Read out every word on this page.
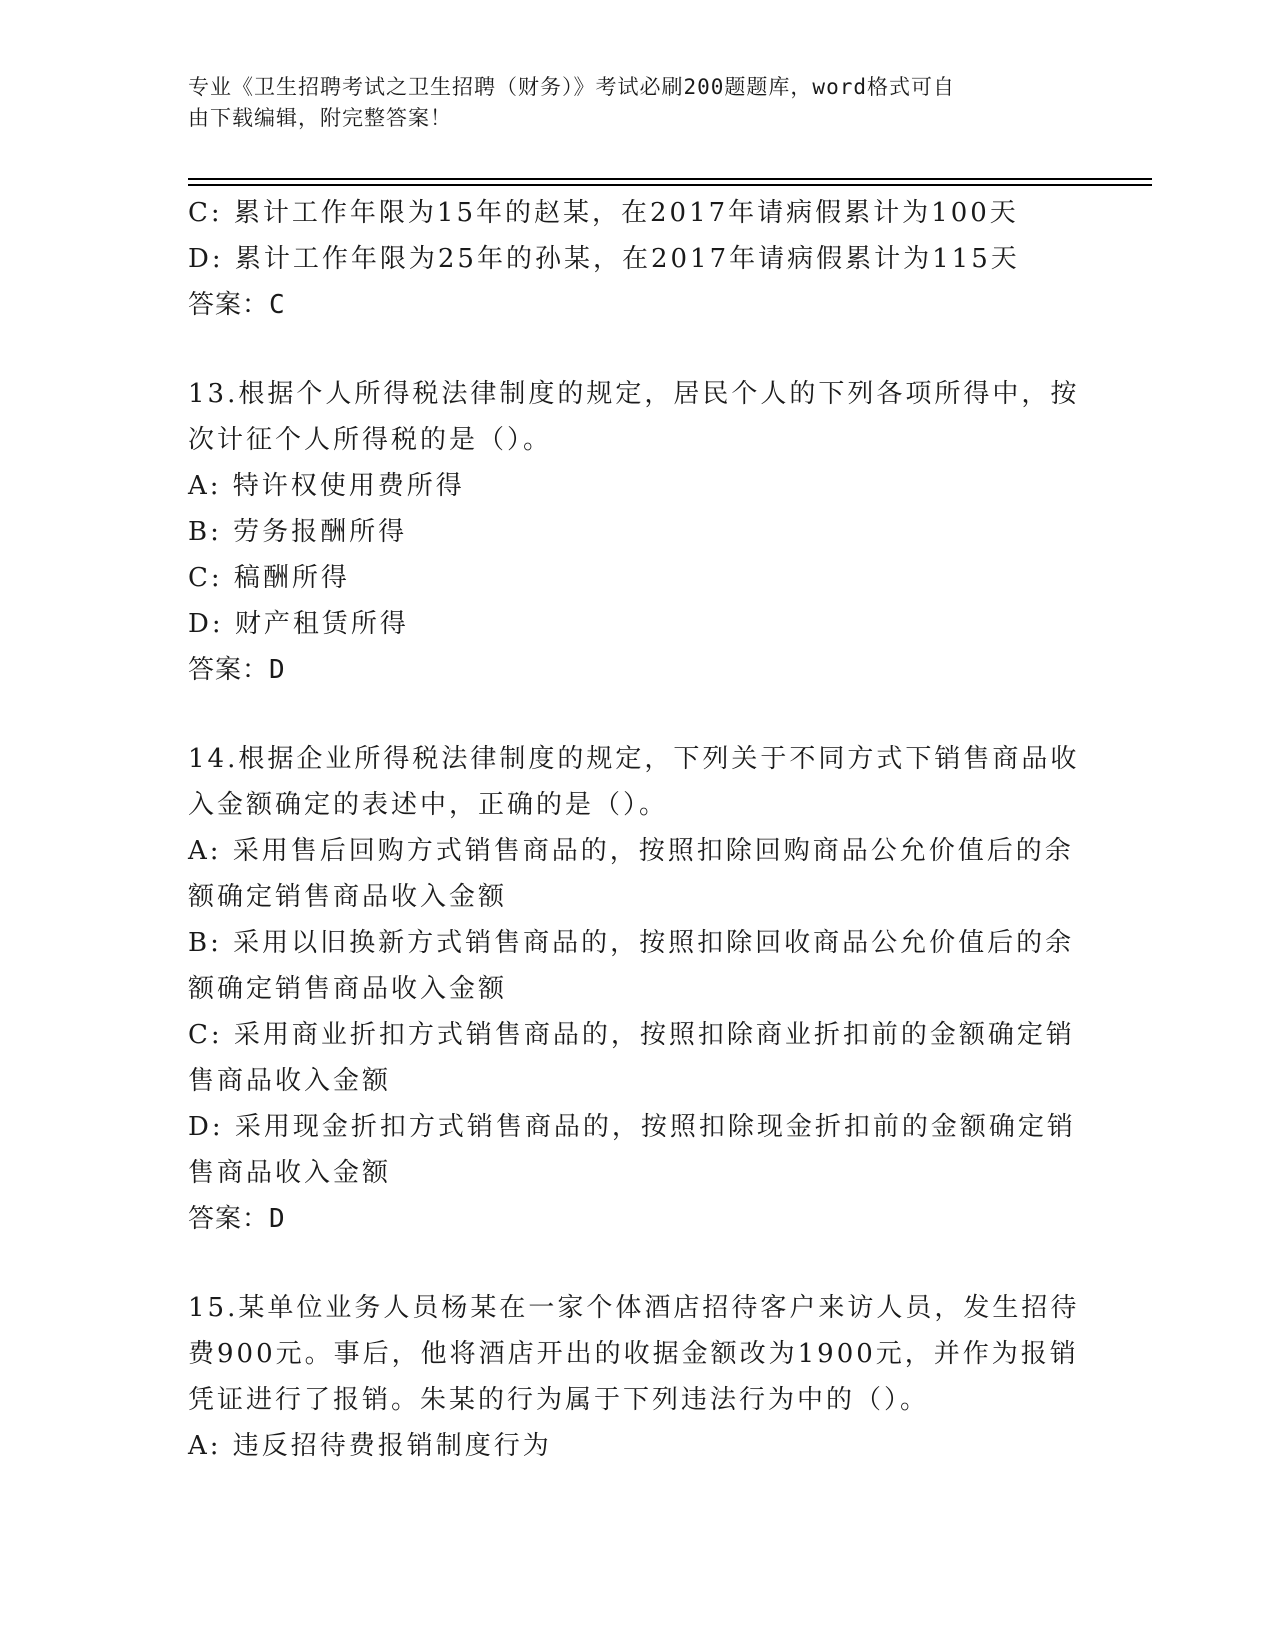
专业《卫生招聘考试之卫生招聘（财务）》考试必刷200题题库，word格式可自
由下载编辑，附完整答案！
C: 累计工作年限为15年的赵某，在2017年请病假累计为100天
D: 累计工作年限为25年的孙某，在2017年请病假累计为115天
答案：C
13.根据个人所得税法律制度的规定，居民个人的下列各项所得中，按
次计征个人所得税的是（）。
A: 特许权使用费所得
B: 劳务报酬所得
C: 稿酬所得
D: 财产租赁所得
答案：D
14.根据企业所得税法律制度的规定，下列关于不同方式下销售商品收
入金额确定的表述中，正确的是（）。
A: 采用售后回购方式销售商品的，按照扣除回购商品公允价值后的余
额确定销售商品收入金额
B: 采用以旧换新方式销售商品的，按照扣除回收商品公允价值后的余
额确定销售商品收入金额
C: 采用商业折扣方式销售商品的，按照扣除商业折扣前的金额确定销
售商品收入金额
D: 采用现金折扣方式销售商品的，按照扣除现金折扣前的金额确定销
售商品收入金额
答案：D
15.某单位业务人员杨某在一家个体酒店招待客户来访人员，发生招待
费900元。事后，他将酒店开出的收据金额改为1900元，并作为报销
凭证进行了报销。朱某的行为属于下列违法行为中的（）。
A: 违反招待费报销制度行为
